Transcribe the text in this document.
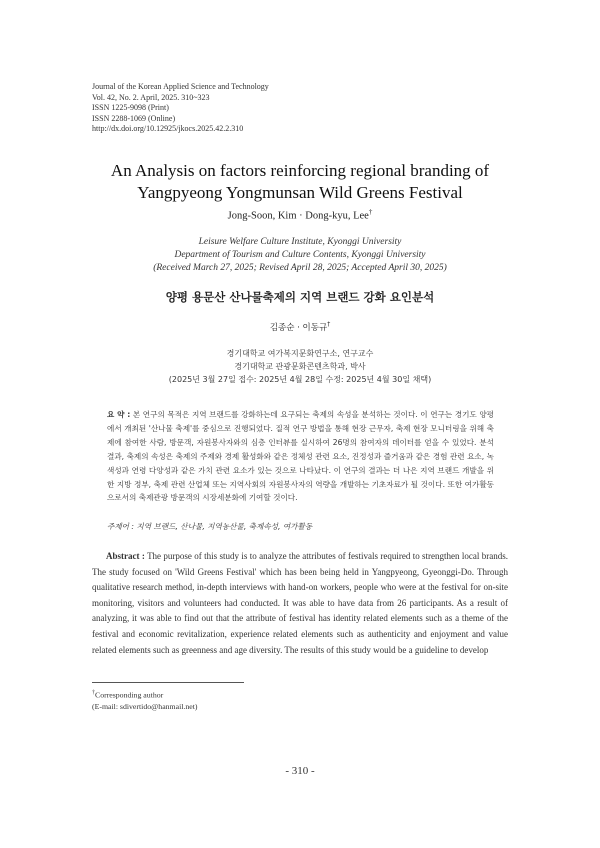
Journal of the Korean Applied Science and Technology
Vol. 42, No. 2. April, 2025. 310~323
ISSN 1225-9098 (Print)
ISSN 2288-1069 (Online)
http://dx.doi.org/10.12925/jkocs.2025.42.2.310
An Analysis on factors reinforcing regional branding of
Yangpyeong Yongmunsan Wild Greens Festival
Jong-Soon, Kim · Dong-kyu, Lee†
Leisure Welfare Culture Institute, Kyonggi University
Department of Tourism and Culture Contents, Kyonggi University
(Received March 27, 2025; Revised April 28, 2025; Accepted April 30, 2025)
양평 용문산 산나물축제의 지역 브랜드 강화 요인분석
김종순 · 이동규†
경기대학교 여가복지문화연구소, 연구교수
경기대학교 관광문화콘텐츠학과, 박사
(2025년 3월 27일 접수: 2025년 4월 28일 수정: 2025년 4월 30일 채택)
요 약 : 본 연구의 목적은 지역 브랜드를 강화하는데 요구되는 축제의 속성을 분석하는 것이다. 이 연구는 경기도 양평에서 개최된 '산나물 축제'를 중심으로 진행되었다. 질적 연구 방법을 통해 현장 근무자, 축제 현장 모니터링을 위해 축제에 참여한 사람, 방문객, 자원봉사자와의 심층 인터뷰를 실시하여 26명의 참여자의 데이터를 얻을 수 있었다. 분석 결과, 축제의 속성은 축제의 주제와 경제 활성화와 같은 정체성 관련 요소, 진정성과 즐거움과 같은 경험 관련 요소, 녹색성과 연령 다양성과 같은 가치 관련 요소가 있는 것으로 나타났다. 이 연구의 결과는 더 나은 지역 브랜드 개발을 위한 지방 정부, 축제 관련 산업체 또는 지역사회의 자원봉사자의 역량을 개발하는 기초자료가 될 것이다. 또한 여가활동으로서의 축제관광 방문객의 시장세분화에 기여할 것이다.
주제어 : 지역 브랜드, 산나물, 지역농산물, 축제속성, 여가활동
Abstract : The purpose of this study is to analyze the attributes of festivals required to strengthen local brands. The study focused on 'Wild Greens Festival' which has been being held in Yangpyeong, Gyeonggi-Do. Through qualitative research method, in-depth interviews with hand-on workers, people who were at the festival for on-site monitoring, visitors and volunteers had conducted. It was able to have data from 26 participants. As a result of analyzing, it was able to find out that the attribute of festival has identity related elements such as a theme of the festival and economic revitalization, experience related elements such as authenticity and enjoyment and value related elements such as greenness and age diversity. The results of this study would be a guideline to develop
†Corresponding author
(E-mail: sdivertido@hanmail.net)
- 310 -
